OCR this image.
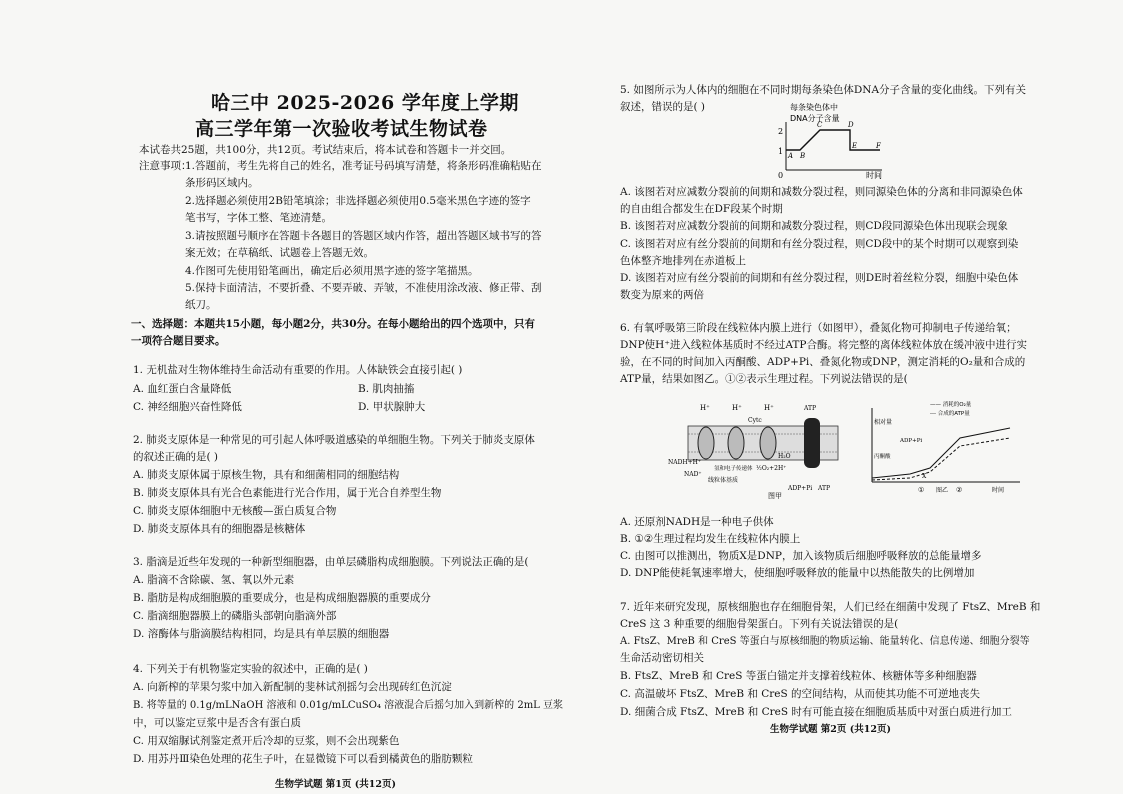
哈三中 2025-2026 学年度上学期
高三学年第一次验收考试生物试卷
本试卷共25题，共100分，共12页。考试结束后，将本试卷和答题卡一并交回。
注意事项：
1.答题前，考生先将自己的姓名，准考证号码填写清楚，将条形码准确粘贴在
条形码区域内。
2.选择题必须使用2B铅笔填涂；非选择题必须使用0.5毫米黑色字迹的签字
笔书写，字体工整、笔迹清楚。
3.请按照题号顺序在答题卡各题目的答题区域内作答，超出答题区域书写的答
案无效；在草稿纸、试题卷上答题无效。
4.作图可先使用铅笔画出，确定后必须用黑字迹的签字笔描黑。
5.保持卡面清洁，不要折叠、不要弄破、弄皱，不准使用涂改液、修正带、刮
纸刀。
一、选择题：本题共15小题，每小题2分，共30分。在每小题给出的四个选项中，只有
一项符合题目要求。
1. 无机盐对生物体维持生命活动有重要的作用。人体缺铁会直接引起( )
A. 血红蛋白含量降低	B. 肌肉抽搐
C. 神经细胞兴奋性降低	D. 甲状腺肿大
2. 肺炎支原体是一种常见的可引起人体呼吸道感染的单细胞生物。下列关于肺炎支原体
的叙述正确的是( )
A. 肺炎支原体属于原核生物，具有和细菌相同的细胞结构
B. 肺炎支原体具有光合色素能进行光合作用，属于光合自养型生物
C. 肺炎支原体细胞中无核酸—蛋白质复合物
D. 肺炎支原体具有的细胞器是核糖体
3. 脂滴是近些年发现的一种新型细胞器，由单层磷脂构成细胞膜。下列说法正确的是(
A. 脂滴不含除碳、氢、氧以外元素
B. 脂肪是构成细胞膜的重要成分，也是构成细胞器膜的重要成分
C. 脂滴细胞器膜上的磷脂头部朝向脂滴外部
D. 溶酶体与脂滴膜结构相同，均是具有单层膜的细胞器
4. 下列关于有机物鉴定实验的叙述中，正确的是( )
A. 向新榨的苹果匀浆中加入新配制的斐林试剂摇匀会出现砖红色沉淀
B. 将等量的 0.1g/mLNaOH 溶液和 0.01g/mLCuSO₄ 溶液混合后摇匀加入到新榨的 2mL 豆浆
中，可以鉴定豆浆中是否含有蛋白质
C. 用双缩脲试剂鉴定煮开后冷却的豆浆，则不会出现紫色
D. 用苏丹Ⅲ染色处理的花生子叶，在显微镜下可以看到橘黄色的脂肪颗粒
生物学试题 第1页 (共12页)
5. 如图所示为人体内的细胞在不同时期每条染色体DNA分子含量的变化曲线。下列有关
叙述，错误的是( )	每条染色体中
DNA分子含量
2
1
0	时间
A B
C	D
E	F
A. 该图若对应减数分裂前的间期和减数分裂过程，则同源染色体的分离和非同源染色体
的自由组合都发生在DF段某个时期
B. 该图若对应减数分裂前的间期和减数分裂过程，则CD段同源染色体出现联会现象
C. 该图若对应有丝分裂前的间期和有丝分裂过程，则CD段中的某个时期可以观察到染
色体整齐地排列在赤道板上
D. 该图若对应有丝分裂前的间期和有丝分裂过程，则DE时着丝粒分裂，细胞中染色体
数变为原来的两倍
6. 有氧呼吸第三阶段在线粒体内膜上进行（如图甲），叠氮化物可抑制电子传递给氧；
DNP使H⁺进入线粒体基质时不经过ATP合酶。将完整的离体线粒体放在缓冲液中进行实
验，在不同的时间加入丙酮酸、ADP+Pi、叠氮化物或DNP，测定消耗的O₂量和合成的
ATP量，结果如图乙。①②表示生理过程。下列说法错误的是(
H⁺	H⁺
Cytc
H⁺	ATP
NADH+H⁺
NAD⁺
氢和电子传递体 ½O₂+2H⁺
H₂O
线粒体基质
ADP+Pi ATP
图甲
—— 消耗的O₂量
--- 合成的ATP量
相对量
丙酮酸
ADP+Pi
X
① 图乙 ②	时间
A. 还原剂NADH是一种电子供体
B. ①②生理过程均发生在线粒体内膜上
C. 由图可以推测出，物质X是DNP，加入该物质后细胞呼吸释放的总能量增多
D. DNP能使耗氧速率增大，使细胞呼吸释放的能量中以热能散失的比例增加
7. 近年来研究发现，原核细胞也存在细胞骨架，人们已经在细菌中发现了 FtsZ、MreB 和
CreS 这 3 种重要的细胞骨架蛋白。下列有关说法错误的是(
A. FtsZ、MreB 和 CreS 等蛋白与原核细胞的物质运输、能量转化、信息传递、细胞分裂等
生命活动密切相关
B. FtsZ、MreB 和 CreS 等蛋白锚定并支撑着线粒体、核糖体等多种细胞器
C. 高温破坏 FtsZ、MreB 和 CreS 的空间结构，从而使其功能不可逆地丧失
D. 细菌合成 FtsZ、MreB 和 CreS 时有可能直接在细胞质基质中对蛋白质进行加工
生物学试题 第2页 (共12页)
